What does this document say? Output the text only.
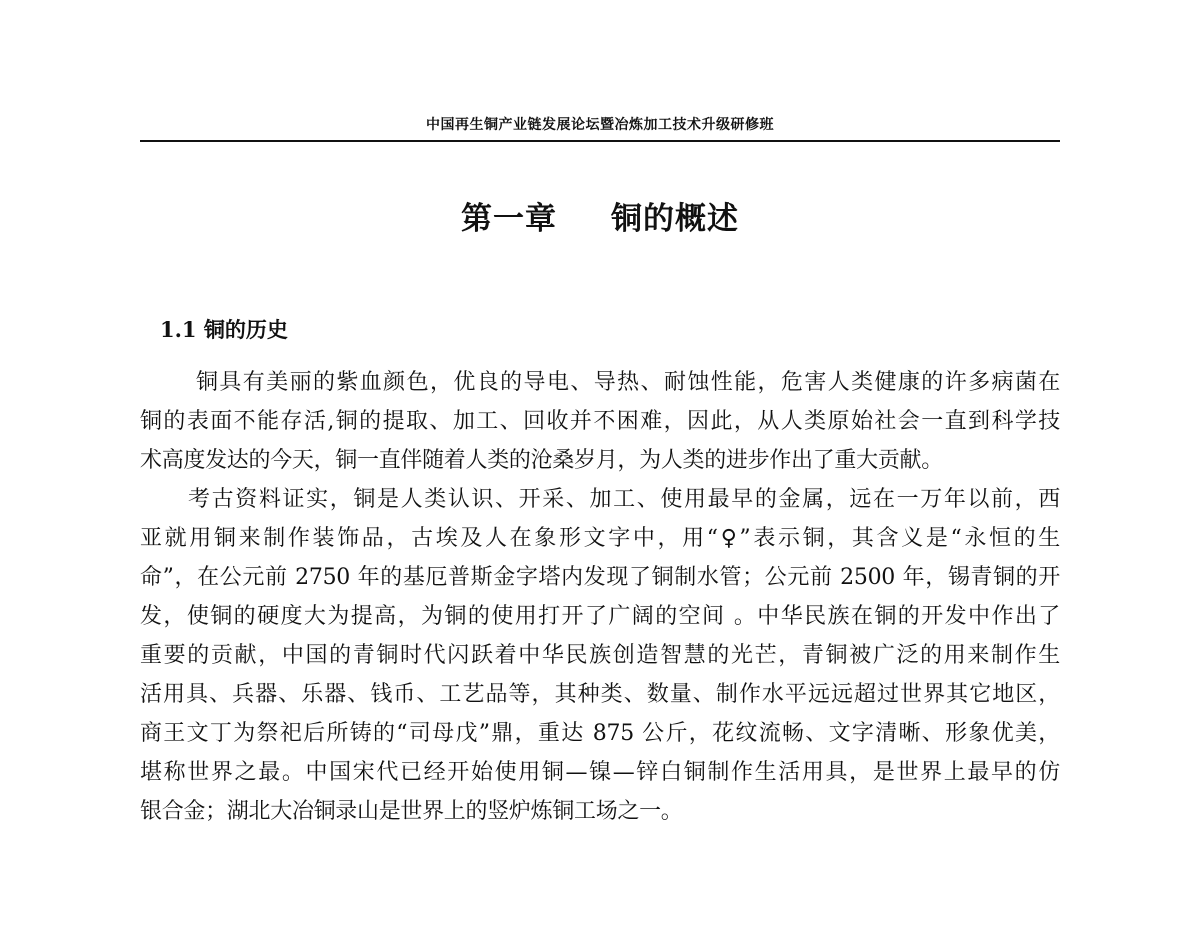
中国再生铜产业链发展论坛暨冶炼加工技术升级研修班
第一章 铜的概述
1.1 铜的历史
铜具有美丽的紫血颜色，优良的导电、导热、耐蚀性能，危害人类健康的许多病菌在
铜的表面不能存活,铜的提取、加工、回收并不困难，因此，从人类原始社会一直到科学技
术高度发达的今天，铜一直伴随着人类的沧桑岁月，为人类的进步作出了重大贡献。
考古资料证实，铜是人类认识、开采、加工、使用最早的金属，远在一万年以前，西
亚就用铜来制作装饰品，古埃及人在象形文字中，用“♀”表示铜，其含义是“永恒的生
命”，在公元前 2750 年的基厄普斯金字塔内发现了铜制水管；公元前 2500 年，锡青铜的开
发，使铜的硬度大为提高，为铜的使用打开了广阔的空间 。中华民族在铜的开发中作出了
重要的贡献，中国的青铜时代闪跃着中华民族创造智慧的光芒，青铜被广泛的用来制作生
活用具、兵器、乐器、钱币、工艺品等，其种类、数量、制作水平远远超过世界其它地区，
商王文丁为祭祀后所铸的“司母戊”鼎，重达 875 公斤，花纹流畅、文字清晰、形象优美，
堪称世界之最。中国宋代已经开始使用铜—镍—锌白铜制作生活用具，是世界上最早的仿
银合金；湖北大冶铜录山是世界上的竖炉炼铜工场之一。
